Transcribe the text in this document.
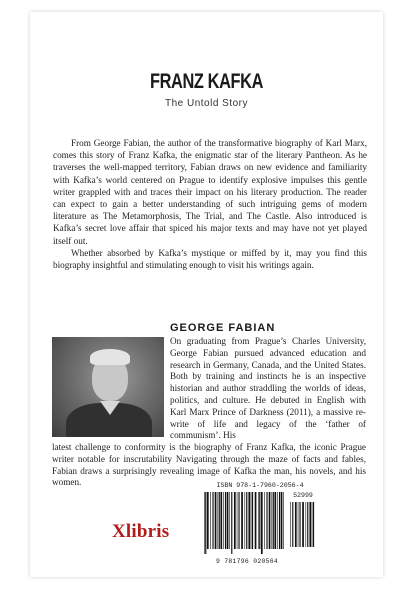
FRANZ KAFKA
The Untold Story

From George Fabian, the author of the transformative biography of Karl Marx, comes this story of Franz Kafka, the enigmatic star of the literary Pantheon. As he traverses the well-mapped territory, Fabian draws on new evidence and familiarity with Kafka’s world centered on Prague to identify explosive impulses this gentle writer grappled with and traces their impact on his literary production. The reader can expect to gain a better understanding of such intriguing gems of modern literature as The Metamorphosis, The Trial, and The Castle. Also introduced is Kafka’s secret love affair that spiced his major texts and may have not yet played itself out.

Whether absorbed by Kafka’s mystique or miffed by it, may you find this biography insightful and stimulating enough to visit his writings again.

GEORGE FABIAN

On graduating from Prague’s Charles University, George Fabian pursued advanced education and research in Germany, Canada, and the United States. Both by training and instincts he is an inspective historian and author straddling the worlds of ideas, politics, and culture. He debuted in English with Karl Marx Prince of Darkness (2011), a massive re-write of life and legacy of the ‘father of communism’. His

latest challenge to conformity is the biography of Franz Kafka, the iconic Prague writer notable for inscrutability Navigating through the maze of facts and fables, Fabian draws a surprisingly revealing image of Kafka the man, his novels, and his women.

Xlibris
ISBN 978-1-7960-2056-4
52999
9 781796 020564
